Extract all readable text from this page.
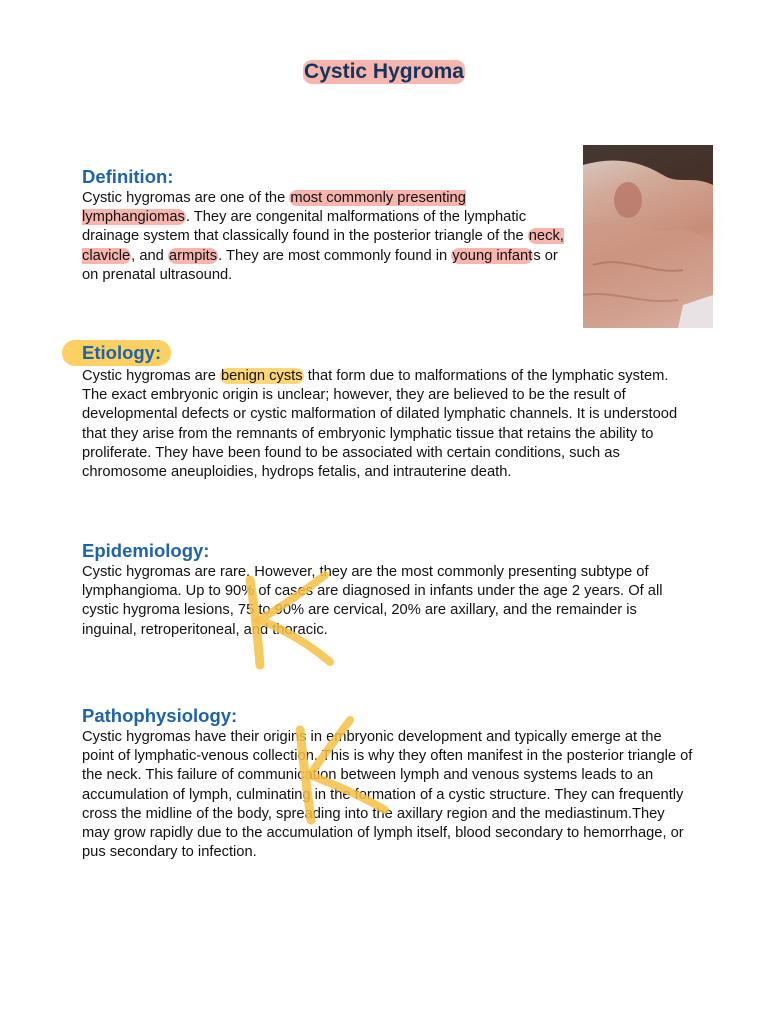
Cystic Hygroma
Definition:

Cystic hygromas are one of the most commonly presenting lymphangiomas. They are congenital malformations of the lymphatic drainage system that classically found in the posterior triangle of the neck, clavicle, and armpits. They are most commonly found in young infants or on prenatal ultrasound.

Etiology:

Cystic hygromas are benign cysts that form due to malformations of the lymphatic system. The exact embryonic origin is unclear; however, they are believed to be the result of developmental defects or cystic malformation of dilated lymphatic channels. It is understood that they arise from the remnants of embryonic lymphatic tissue that retains the ability to proliferate. They have been found to be associated with certain conditions, such as chromosome aneuploidies, hydrops fetalis, and intrauterine death.

Epidemiology:

Cystic hygromas are rare. However, they are the most commonly presenting subtype of lymphangioma. Up to 90% of cases are diagnosed in infants under the age 2 years. Of all cystic hygroma lesions, 75 to 90% are cervical, 20% are axillary, and the remainder is inguinal, retroperitoneal, and thoracic.

Pathophysiology:

Cystic hygromas have their origins in embryonic development and typically emerge at the point of lymphatic-venous collection. This is why they often manifest in the posterior triangle of the neck. This failure of communication between lymph and venous systems leads to an accumulation of lymph, culminating in the formation of a cystic structure. They can frequently cross the midline of the body, spreading into the axillary region and the mediastinum.They may grow rapidly due to the accumulation of lymph itself, blood secondary to hemorrhage, or pus secondary to infection.
